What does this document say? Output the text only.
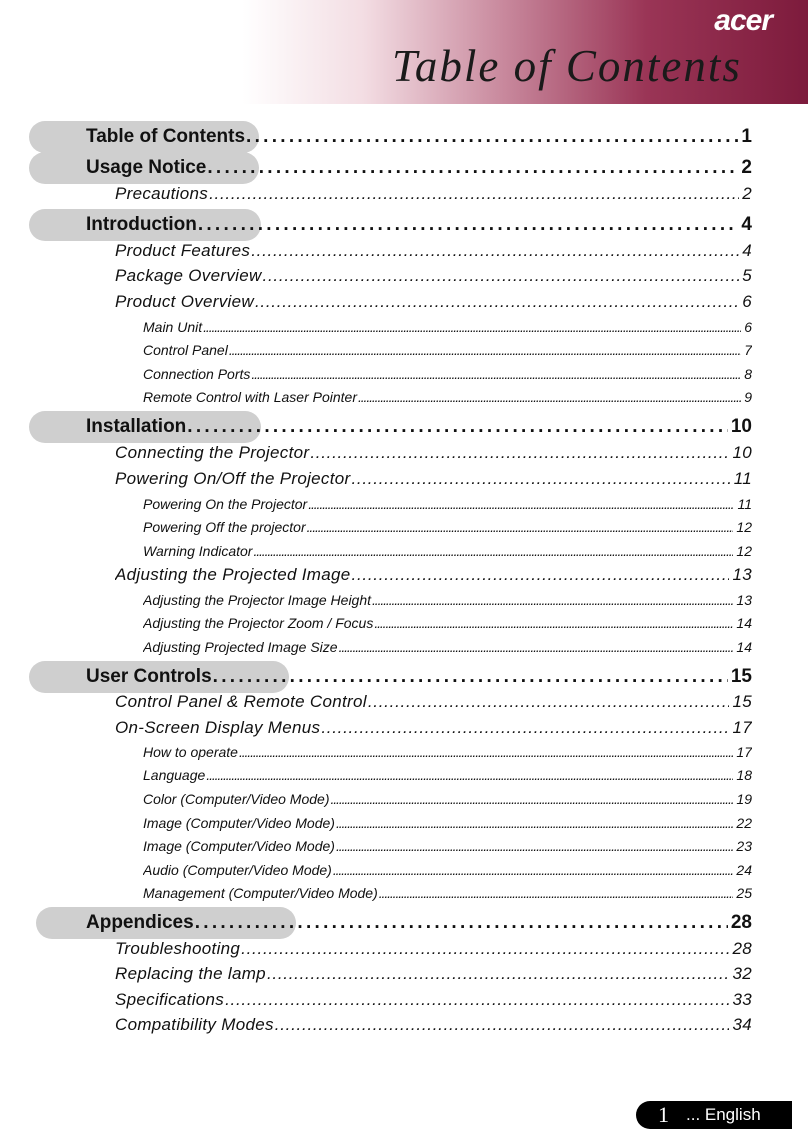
acer
Table of Contents
Table of Contents . . .	1
Usage Notice . . .	2
Precautions . . .	2
Introduction . . .	4
Product Features . . .	4
Package Overview . . .	5
Product Overview . . .	6
Main Unit . . .	6
Control Panel . . .	7
Connection Ports . . .	8
Remote Control with Laser Pointer . . .	9
Installation . . .	10
Connecting the Projector . . .	10
Powering On/Off the Projector . . .	11
Powering On the Projector . . .	11
Powering Off the projector . . .	12
Warning Indicator . . .	12
Adjusting the Projected Image . . .	13
Adjusting the Projector Image Height . . .	13
Adjusting the Projector Zoom / Focus . . .	14
Adjusting Projected Image Size . . .	14
User Controls . . .	15
Control Panel & Remote Control . . .	15
On-Screen Display Menus . . .	17
How to operate . . .	17
Language . . .	18
Color (Computer/Video Mode) . . .	19
Image (Computer/Video Mode) . . .	22
Image (Computer/Video Mode) . . .	23
Audio (Computer/Video Mode) . . .	24
Management (Computer/Video Mode) . . .	25
Appendices . . .	28
Troubleshooting . . .	28
Replacing the lamp . . .	32
Specifications . . .	33
Compatibility Modes . . .	34
1 ... English
